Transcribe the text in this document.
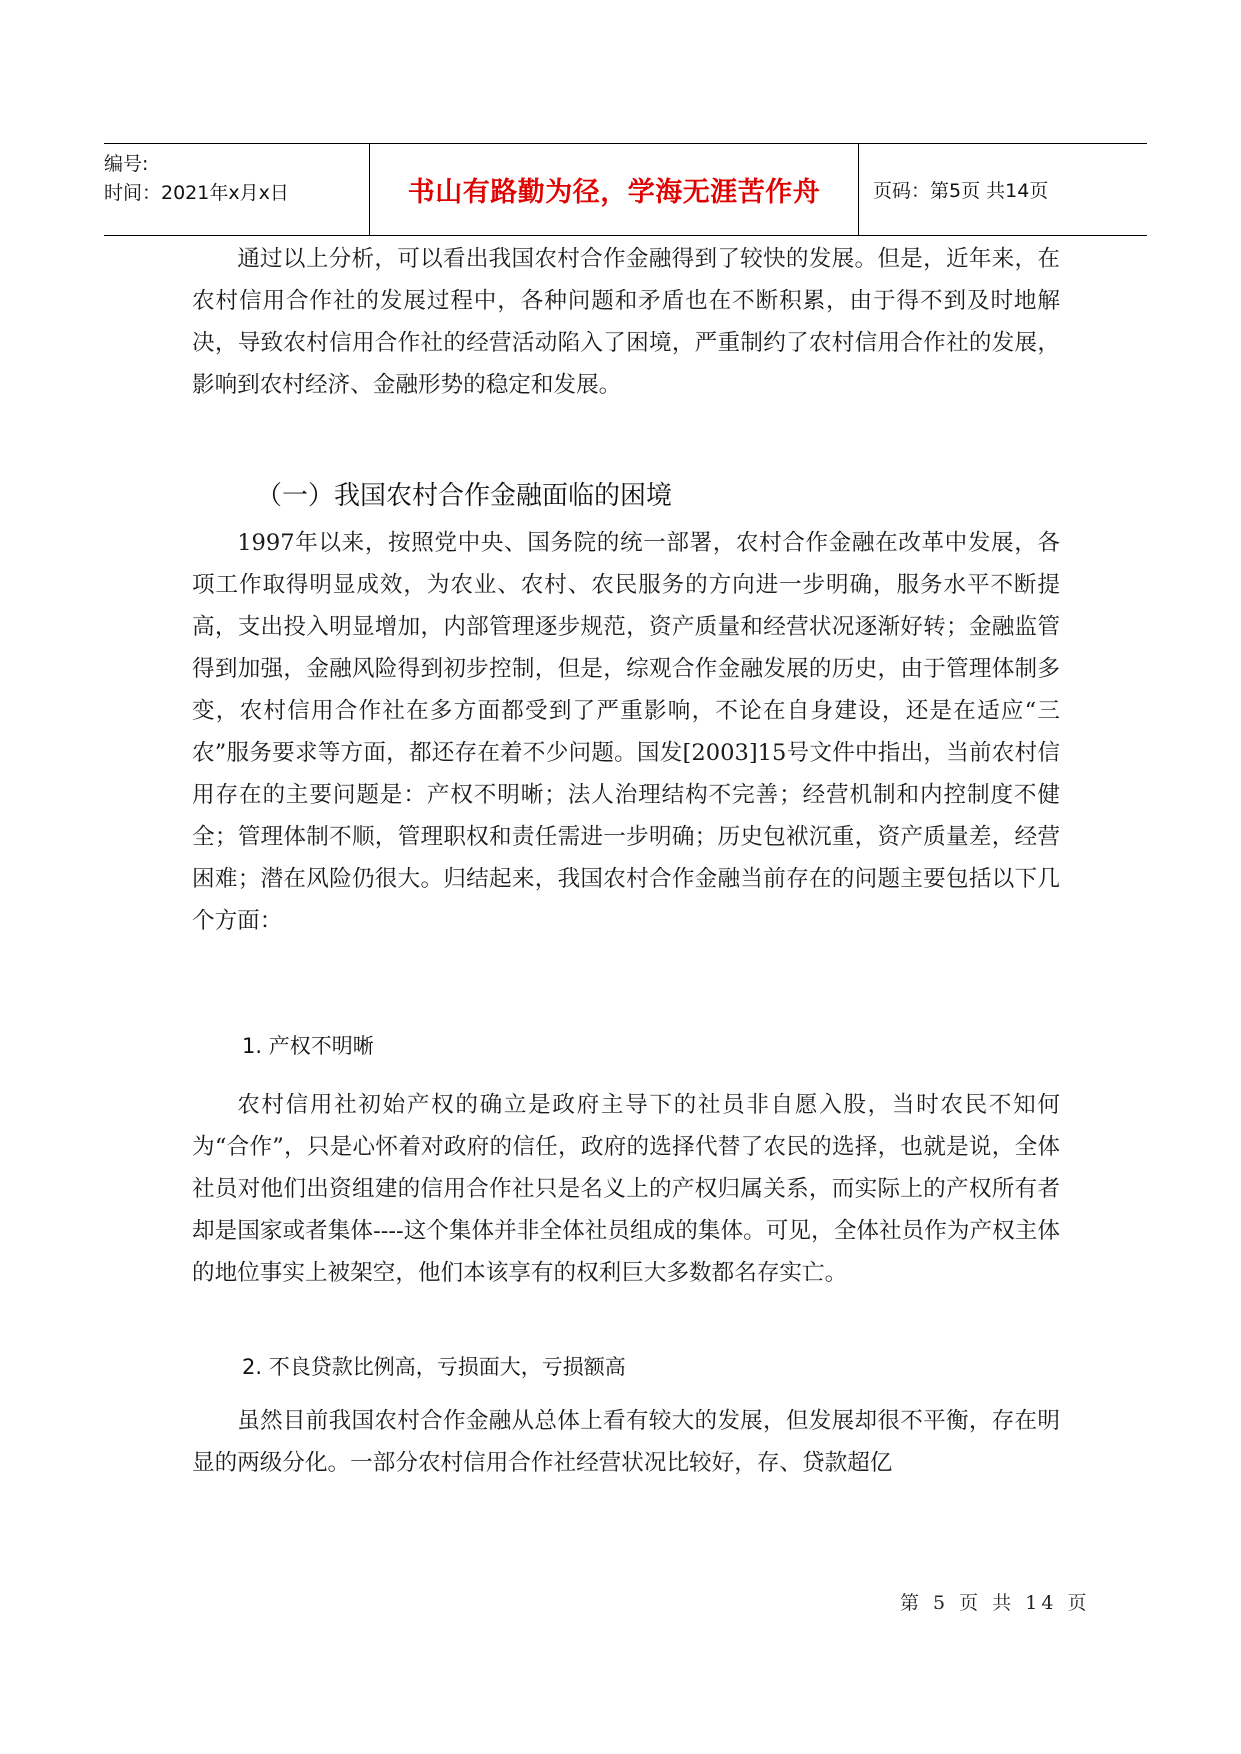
编号:
时间：2021年x月x日	书山有路勤为径，学海无涯苦作舟	页码：第5页 共14页

通过以上分析，可以看出我国农村合作金融得到了较快的发展。但是，近年来，在农村信用合作社的发展过程中，各种问题和矛盾也在不断积累，由于得不到及时地解决，导致农村信用合作社的经营活动陷入了困境，严重制约了农村信用合作社的发展，影响到农村经济、金融形势的稳定和发展。

（一）我国农村合作金融面临的困境

1997年以来，按照党中央、国务院的统一部署，农村合作金融在改革中发展，各项工作取得明显成效，为农业、农村、农民服务的方向进一步明确，服务水平不断提高，支出投入明显增加，内部管理逐步规范，资产质量和经营状况逐渐好转；金融监管得到加强，金融风险得到初步控制，但是，综观合作金融发展的历史，由于管理体制多变，农村信用合作社在多方面都受到了严重影响，不论在自身建设，还是在适应“三农”服务要求等方面，都还存在着不少问题。国发[2003]15号文件中指出，当前农村信用存在的主要问题是：产权不明晰；法人治理结构不完善；经营机制和内控制度不健全；管理体制不顺，管理职权和责任需进一步明确；历史包袱沉重，资产质量差，经营困难；潜在风险仍很大。归结起来，我国农村合作金融当前存在的问题主要包括以下几个方面：

1. 产权不明晰

农村信用社初始产权的确立是政府主导下的社员非自愿入股，当时农民不知何为“合作”，只是心怀着对政府的信任，政府的选择代替了农民的选择，也就是说，全体社员对他们出资组建的信用合作社只是名义上的产权归属关系，而实际上的产权所有者却是国家或者集体----这个集体并非全体社员组成的集体。可见，全体社员作为产权主体的地位事实上被架空，他们本该享有的权利巨大多数都名存实亡。

2. 不良贷款比例高，亏损面大，亏损额高

虽然目前我国农村合作金融从总体上看有较大的发展，但发展却很不平衡，存在明显的两级分化。一部分农村信用合作社经营状况比较好，存、贷款超亿

第 5 页 共 14 页
